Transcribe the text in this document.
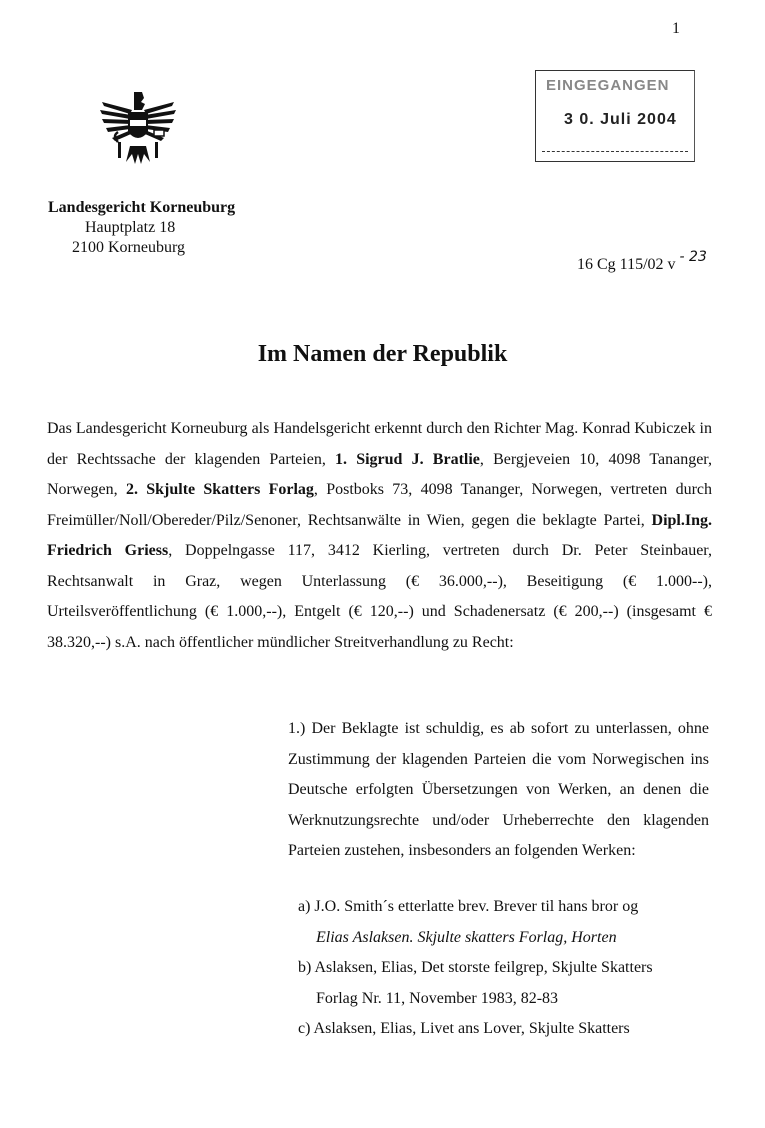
1
EINGEGANGEN
3 0. Juli 2004
Landesgericht Korneuburg
Hauptplatz 18
2100 Korneuburg
16 Cg 115/02 v - 23
Im Namen der Republik
Das Landesgericht Korneuburg als Handelsgericht erkennt durch den Richter Mag. Konrad Kubiczek in der Rechtssache der klagenden Parteien, 1. Sigrud J. Bratlie, Bergjeveien 10, 4098 Tananger, Norwegen, 2. Skjulte Skatters Forlag, Postboks 73, 4098 Tananger, Norwegen, vertreten durch Freimüller/Noll/Obereder/Pilz/Senoner, Rechtsanwälte in Wien, gegen die beklagte Partei, Dipl.Ing. Friedrich Griess, Doppelngasse 117, 3412 Kierling, vertreten durch Dr. Peter Steinbauer, Rechtsanwalt in Graz, wegen Unterlassung (€ 36.000,--), Beseitigung (€ 1.000--), Urteilsveröffentlichung (€ 1.000,--), Entgelt (€ 120,--) und Schadenersatz (€ 200,--) (insgesamt € 38.320,--) s.A. nach öffentlicher mündlicher Streitverhandlung zu Recht:
1.) Der Beklagte ist schuldig, es ab sofort zu unterlassen, ohne Zustimmung der klagenden Parteien die vom Norwegischen ins Deutsche erfolgten Übersetzungen von Werken, an denen die Werknutzungsrechte und/oder Urheberrechte den klagenden Parteien zustehen, insbesonders an folgenden Werken:
a) J.O. Smith´s etterlatte brev. Brever til hans bror og
Elias Aslaksen. Skjulte skatters Forlag, Horten
b) Aslaksen, Elias, Det storste feilgrep, Skjulte Skatters
Forlag Nr. 11, November 1983, 82-83
c) Aslaksen, Elias, Livet ans Lover, Skjulte Skatters
